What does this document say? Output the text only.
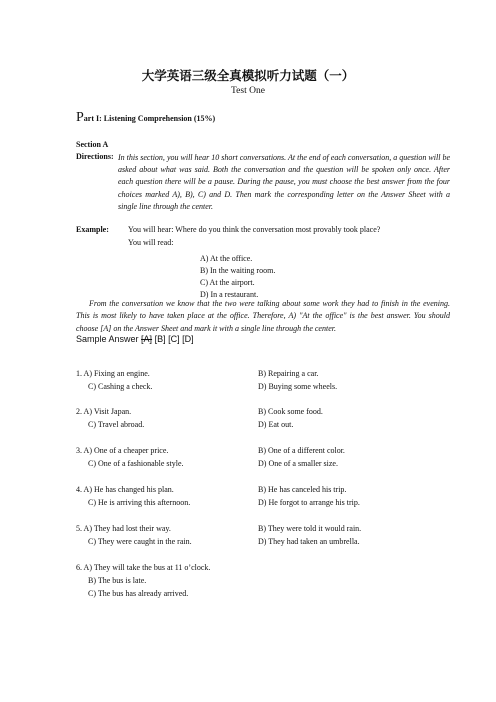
大学英语三级全真模拟听力试题（一）
Test One
Part I: Listening Comprehension (15%)
Section A
Directions: In this section, you will hear 10 short conversations. At the end of each conversation, a question will be asked about what was said. Both the conversation and the question will be spoken only once. After each question there will be a pause. During the pause, you must choose the best answer from the four choices marked A), B), C) and D. Then mark the corresponding letter on the Answer Sheet with a single line through the center.
Example: You will hear: Where do you think the conversation most provably took place?
You will read:
A) At the office.
B) In the waiting room.
C) At the airport.
D) In a restaurant.
From the conversation we know that the two were talking about some work they had to finish in the evening. This is most likely to have taken place at the office. Therefore, A) "At the office" is the best answer. You should choose [A] on the Answer Sheet and mark it with a single line through the center.
Sample Answer [A] [B] [C] [D]
1. A) Fixing an engine.	B) Repairing a car.
C) Cashing a check.	D) Buying some wheels.
2. A) Visit Japan.	B) Cook some food.
C) Travel abroad.	D) Eat out.
3. A) One of a cheaper price.	B) One of a different color.
C) One of a fashionable style.	D) One of a smaller size.
4. A) He has changed his plan.	B) He has canceled his trip.
C) He is arriving this afternoon.	D) He forgot to arrange his trip.
5. A) They had lost their way.	B) They were told it would rain.
C) They were caught in the rain.	D) They had taken an umbrella.
6. A) They will take the bus at 11 o’clock.
B) The bus is late.
C) The bus has already arrived.
